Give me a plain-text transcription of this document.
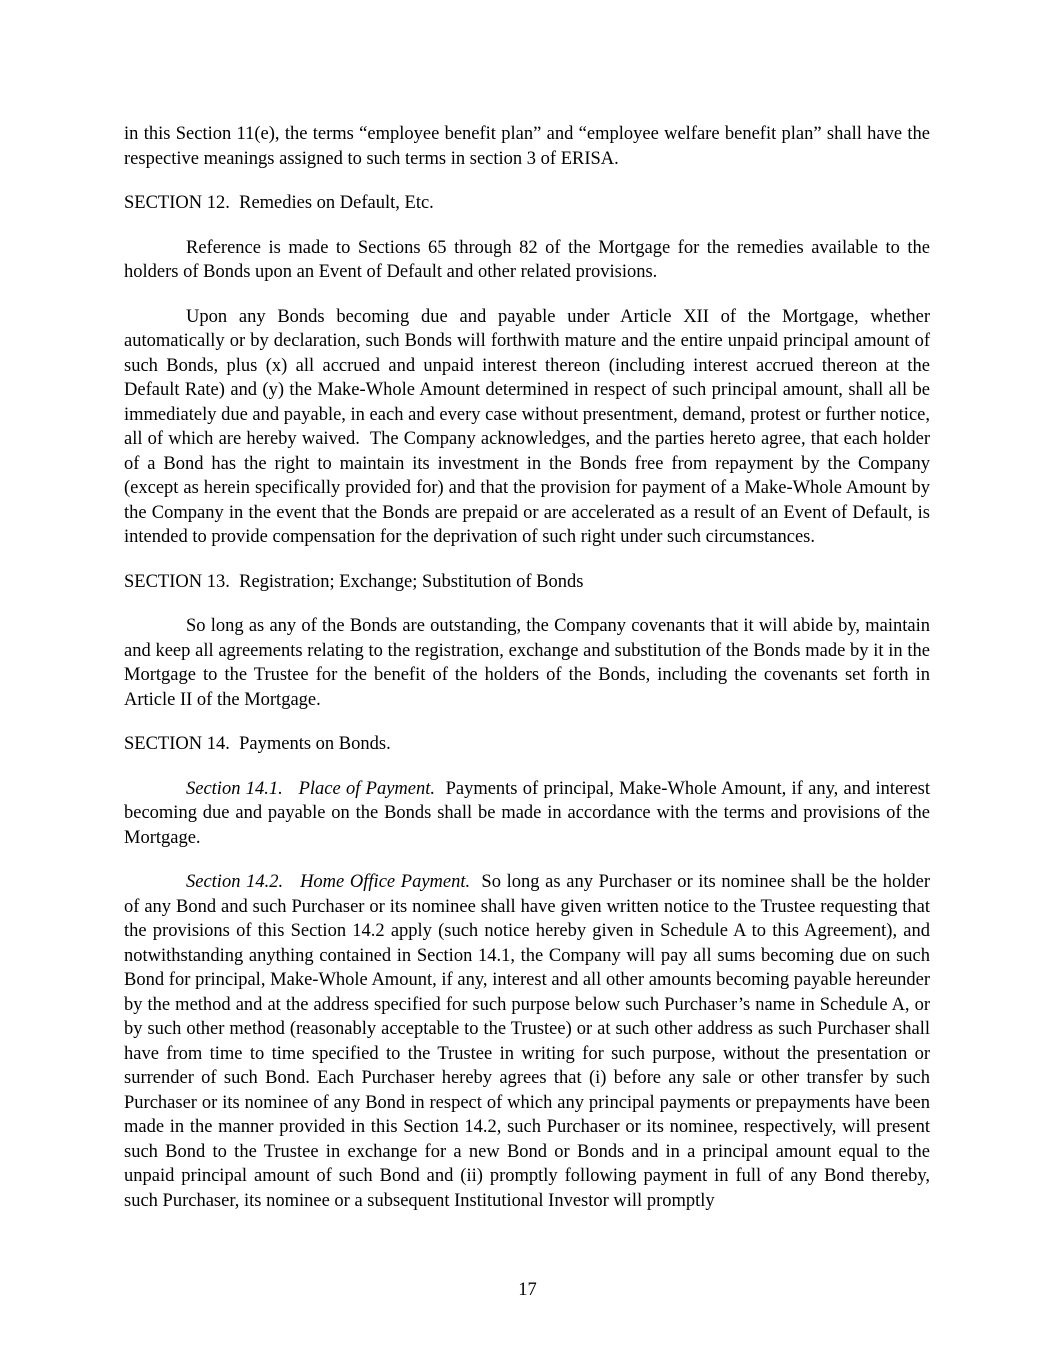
in this Section 11(e), the terms “employee benefit plan” and “employee welfare benefit plan” shall have the respective meanings assigned to such terms in section 3 of ERISA.

SECTION 12.  Remedies on Default, Etc.

Reference is made to Sections 65 through 82 of the Mortgage for the remedies available to the holders of Bonds upon an Event of Default and other related provisions.

Upon any Bonds becoming due and payable under Article XII of the Mortgage, whether automatically or by declaration, such Bonds will forthwith mature and the entire unpaid principal amount of such Bonds, plus (x) all accrued and unpaid interest thereon (including interest accrued thereon at the Default Rate) and (y) the Make-Whole Amount determined in respect of such principal amount, shall all be immediately due and payable, in each and every case without presentment, demand, protest or further notice, all of which are hereby waived.  The Company acknowledges, and the parties hereto agree, that each holder of a Bond has the right to maintain its investment in the Bonds free from repayment by the Company (except as herein specifically provided for) and that the provision for payment of a Make-Whole Amount by the Company in the event that the Bonds are prepaid or are accelerated as a result of an Event of Default, is intended to provide compensation for the deprivation of such right under such circumstances.

SECTION 13.  Registration; Exchange; Substitution of Bonds

So long as any of the Bonds are outstanding, the Company covenants that it will abide by, maintain and keep all agreements relating to the registration, exchange and substitution of the Bonds made by it in the Mortgage to the Trustee for the benefit of the holders of the Bonds, including the covenants set forth in Article II of the Mortgage.

SECTION 14.  Payments on Bonds.

Section 14.1.   Place of Payment.  Payments of principal, Make-Whole Amount, if any, and interest becoming due and payable on the Bonds shall be made in accordance with the terms and provisions of the Mortgage.

Section 14.2.   Home Office Payment.  So long as any Purchaser or its nominee shall be the holder of any Bond and such Purchaser or its nominee shall have given written notice to the Trustee requesting that the provisions of this Section 14.2 apply (such notice hereby given in Schedule A to this Agreement), and notwithstanding anything contained in Section 14.1, the Company will pay all sums becoming due on such Bond for principal, Make-Whole Amount, if any, interest and all other amounts becoming payable hereunder by the method and at the address specified for such purpose below such Purchaser’s name in Schedule A, or by such other method (reasonably acceptable to the Trustee) or at such other address as such Purchaser shall have from time to time specified to the Trustee in writing for such purpose, without the presentation or surrender of such Bond. Each Purchaser hereby agrees that (i) before any sale or other transfer by such Purchaser or its nominee of any Bond in respect of which any principal payments or prepayments have been made in the manner provided in this Section 14.2, such Purchaser or its nominee, respectively, will present such Bond to the Trustee in exchange for a new Bond or Bonds and in a principal amount equal to the unpaid principal amount of such Bond and (ii) promptly following payment in full of any Bond thereby, such Purchaser, its nominee or a subsequent Institutional Investor will promptly

17
